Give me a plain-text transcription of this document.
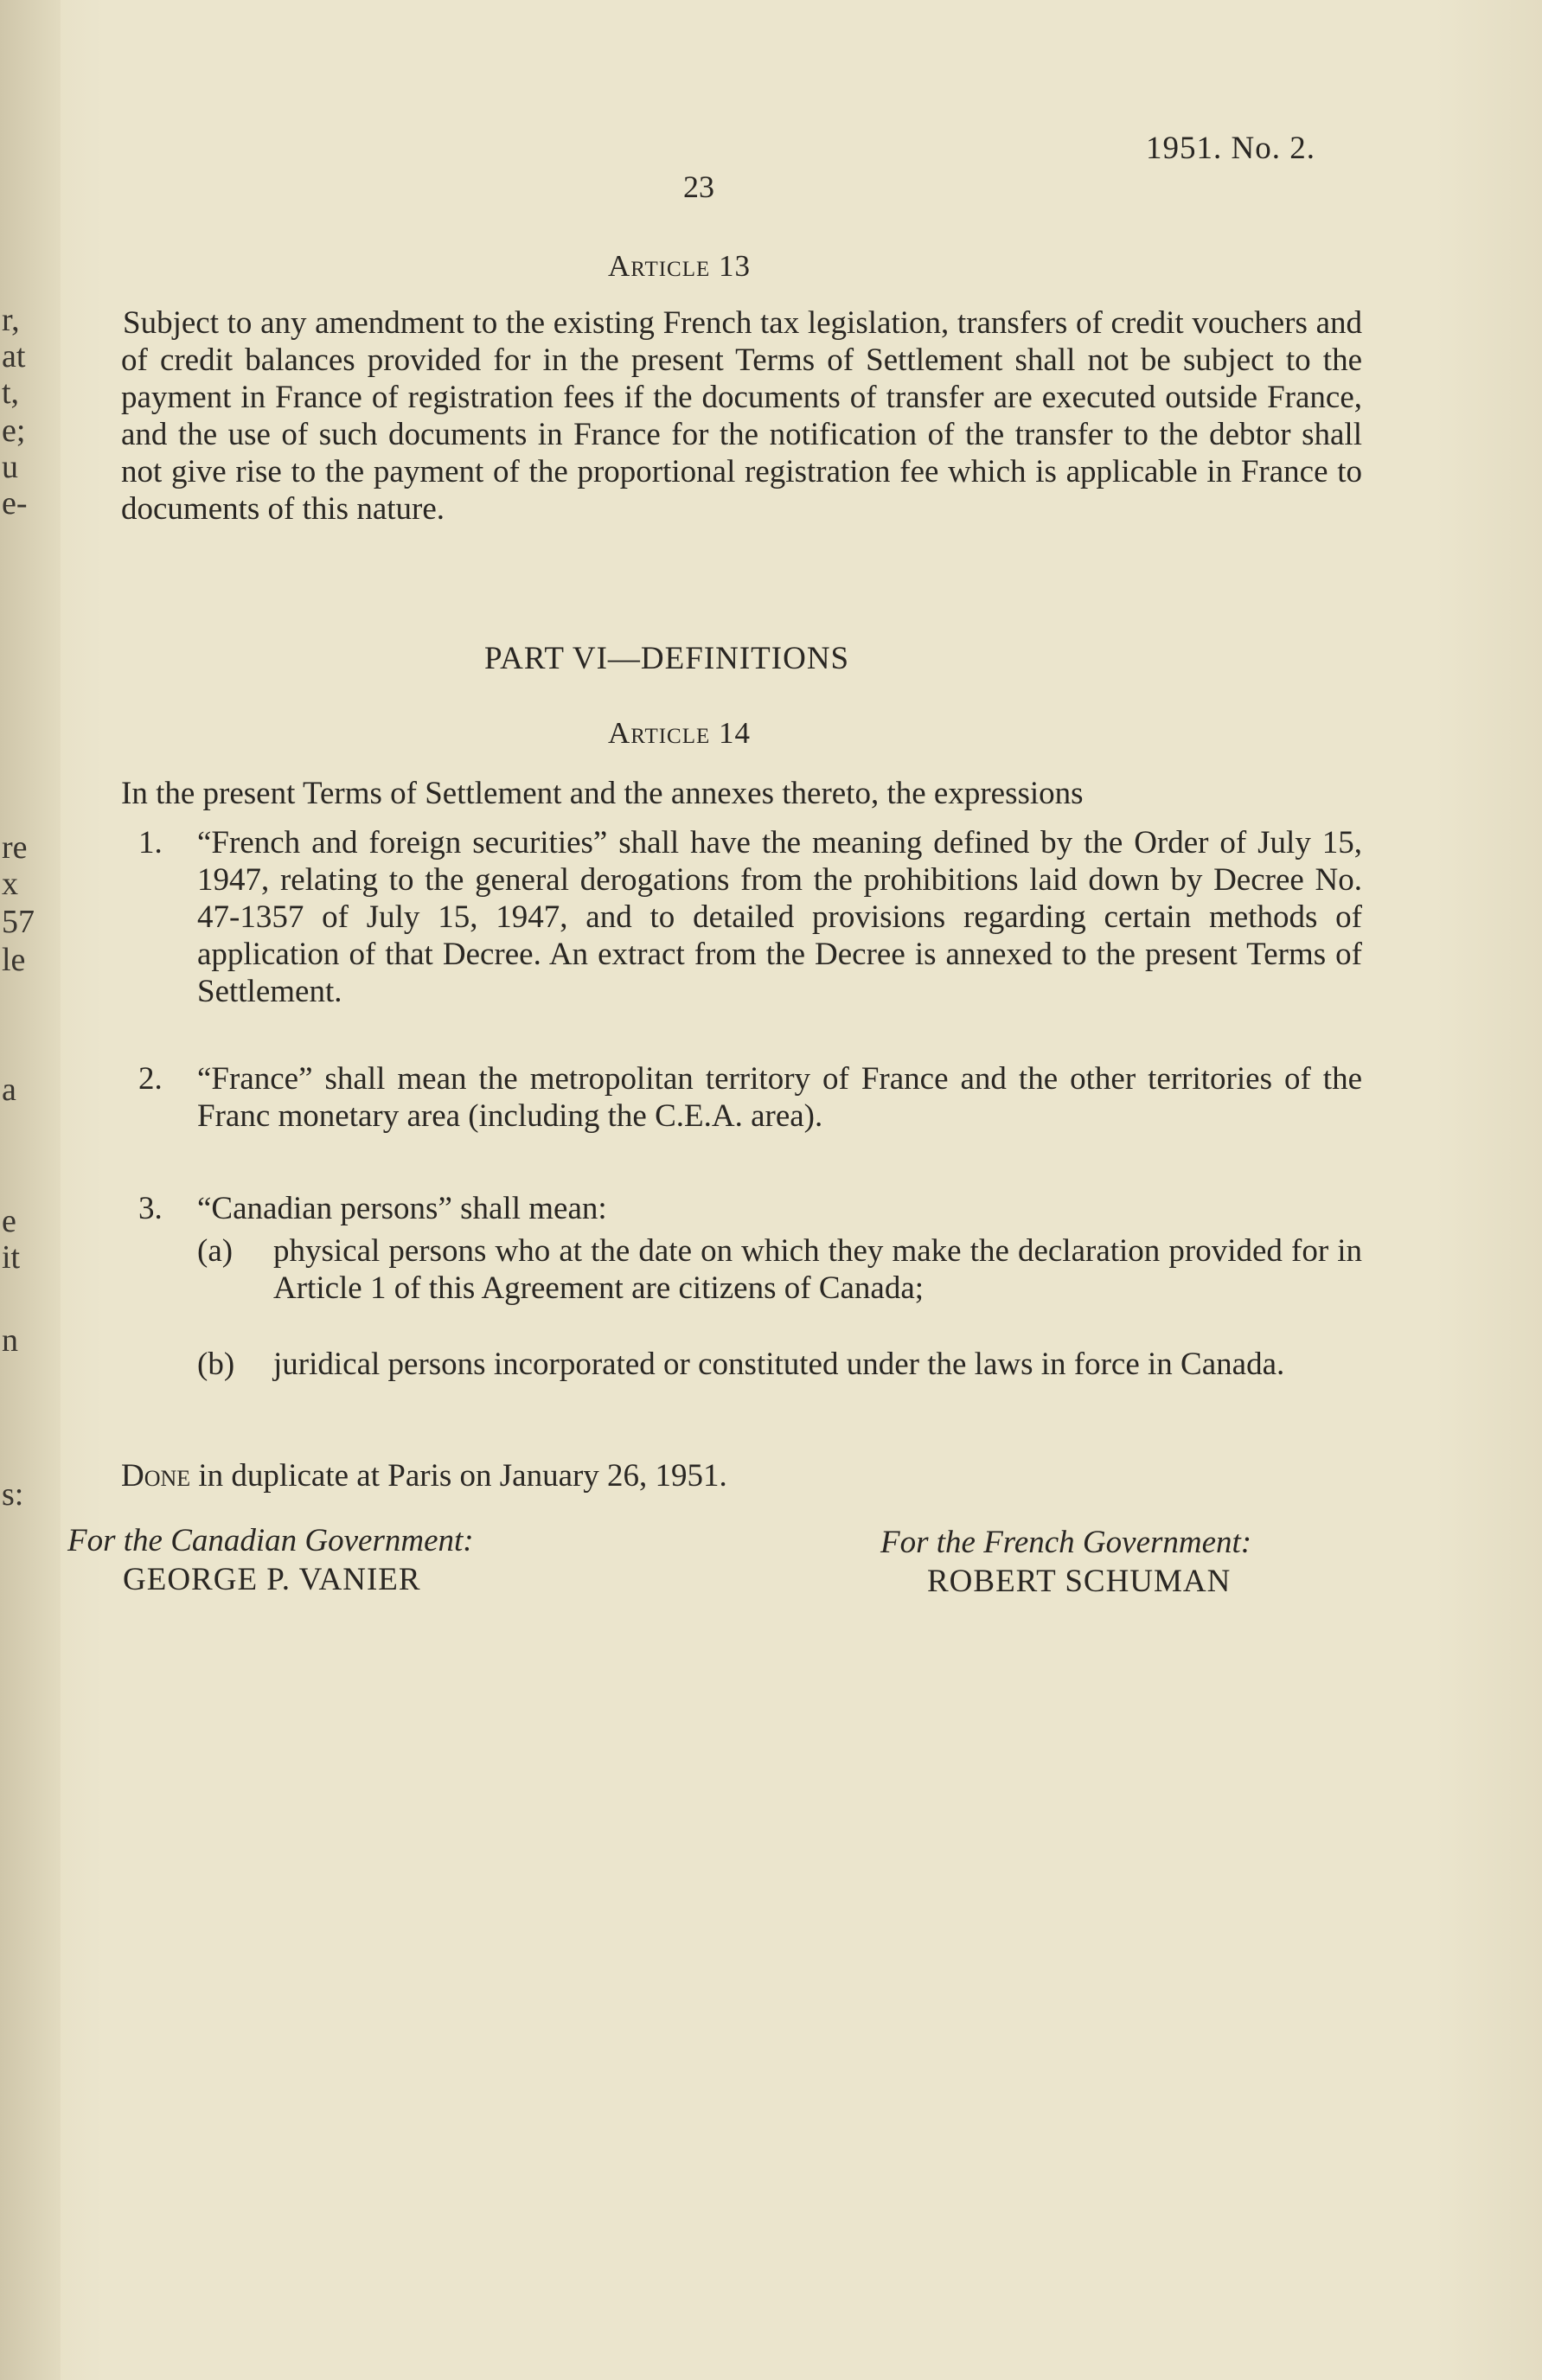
r,
at
t,
e;
u
e-
re
x
57
le
a
e
it
n
s:
1951. No. 2.
23
Article 13
Subject to any amendment to the existing French tax legislation, transfers of credit vouchers and of credit balances provided for in the present Terms of Settlement shall not be subject to the payment in France of registration fees if the documents of transfer are executed outside France, and the use of such documents in France for the notification of the transfer to the debtor shall not give rise to the payment of the proportional registration fee which is applicable in France to documents of this nature.
PART VI—DEFINITIONS
Article 14
In the present Terms of Settlement and the annexes thereto, the expressions
1. “French and foreign securities” shall have the meaning defined by the Order of July 15, 1947, relating to the general derogations from the prohibitions laid down by Decree No. 47-1357 of July 15, 1947, and to detailed provisions regarding certain methods of application of that Decree. An extract from the Decree is annexed to the present Terms of Settlement.
2. “France” shall mean the metropolitan territory of France and the other territories of the Franc monetary area (including the C.E.A. area).
3. “Canadian persons” shall mean:
(a) physical persons who at the date on which they make the declaration provided for in Article 1 of this Agreement are citizens of Canada;
(b) juridical persons incorporated or constituted under the laws in force in Canada.
Done in duplicate at Paris on January 26, 1951.
For the Canadian Government:
GEORGE P. VANIER
For the French Government:
ROBERT SCHUMAN
